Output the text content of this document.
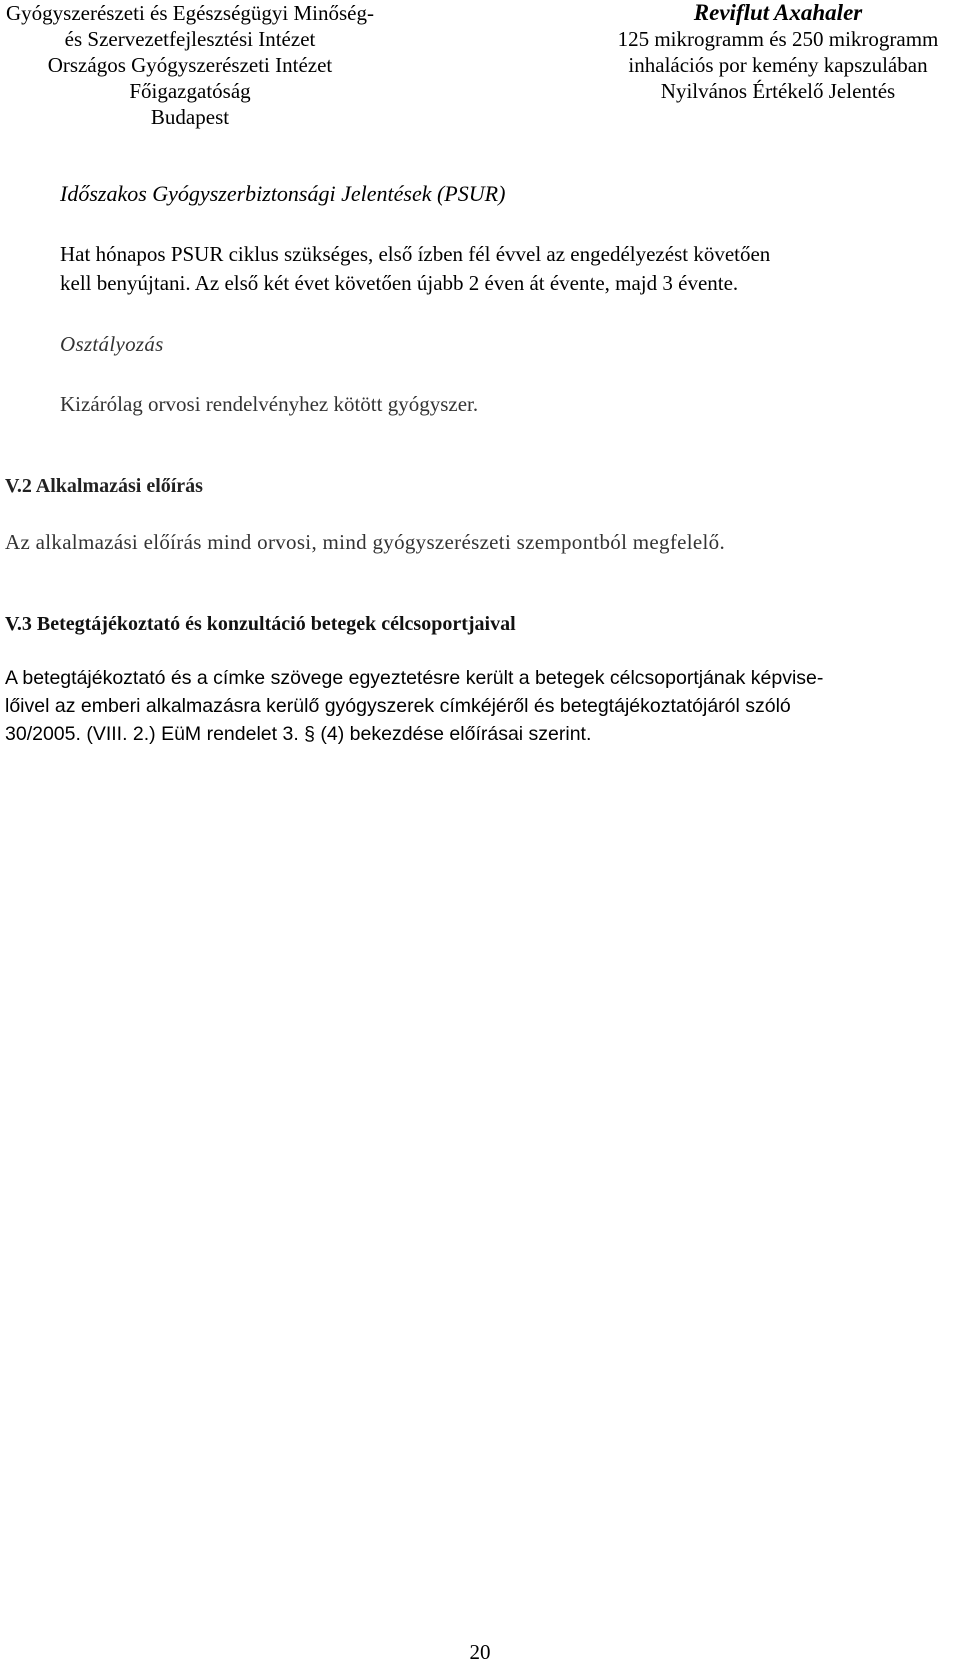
Gyógyszerészeti és Egészségügyi Minőség-
és Szervezetfejlesztési Intézet
Országos Gyógyszerészeti Intézet
Főigazgatóság
Budapest
Reviflut Axahaler
125 mikrogramm és 250 mikrogramm
inhalációs por kemény kapszulában
Nyilvános Értékelő Jelentés
Időszakos Gyógyszerbiztonsági Jelentések (PSUR)
Hat hónapos PSUR ciklus szükséges, első ízben fél évvel az engedélyezést követően
kell benyújtani. Az első két évet követően újabb 2 éven át évente, majd 3 évente.
Osztályozás
Kizárólag orvosi rendelvényhez kötött gyógyszer.
V.2 Alkalmazási előírás
Az alkalmazási előírás mind orvosi, mind gyógyszerészeti szempontból megfelelő.
V.3 Betegtájékoztató és konzultáció betegek célcsoportjaival
A betegtájékoztató és a címke szövege egyeztetésre került a betegek célcsoportjának képvise-
lőivel az emberi alkalmazásra kerülő gyógyszerek címkéjéről és betegtájékoztatójáról szóló
30/2005. (VIII. 2.) EüM rendelet 3. § (4) bekezdése előírásai szerint.
20
